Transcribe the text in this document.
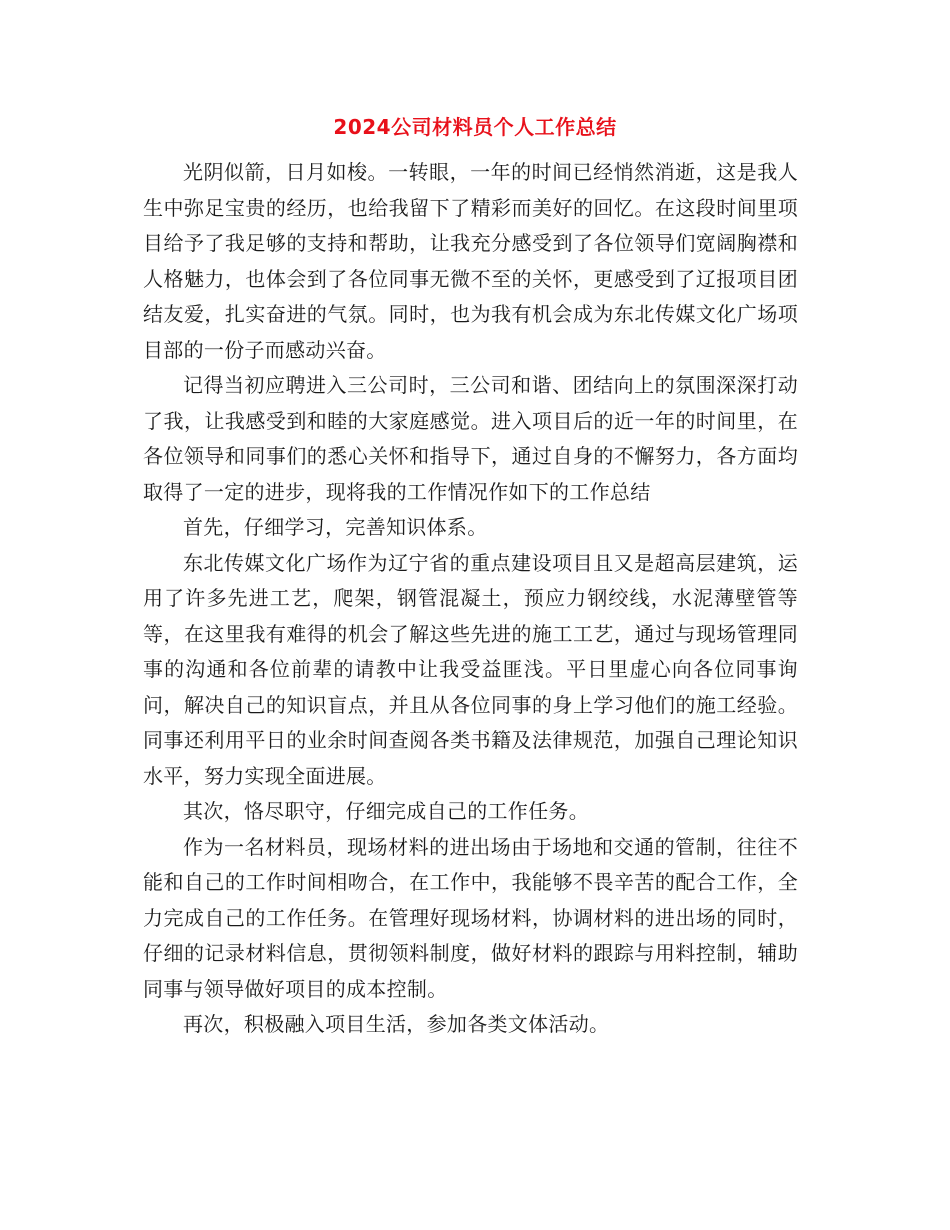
2024公司材料员个人工作总结

光阴似箭，日月如梭。一转眼，一年的时间已经悄然消逝，这是我人生中弥足宝贵的经历，也给我留下了精彩而美好的回忆。在这段时间里项目给予了我足够的支持和帮助，让我充分感受到了各位领导们宽阔胸襟和人格魅力，也体会到了各位同事无微不至的关怀，更感受到了辽报项目团结友爱，扎实奋进的气氛。同时，也为我有机会成为东北传媒文化广场项目部的一份子而感动兴奋。

记得当初应聘进入三公司时，三公司和谐、团结向上的氛围深深打动了我，让我感受到和睦的大家庭感觉。进入项目后的近一年的时间里，在各位领导和同事们的悉心关怀和指导下，通过自身的不懈努力，各方面均取得了一定的进步，现将我的工作情况作如下的工作总结

首先，仔细学习，完善知识体系。

东北传媒文化广场作为辽宁省的重点建设项目且又是超高层建筑，运用了许多先进工艺，爬架，钢管混凝土，预应力钢绞线，水泥薄壁管等等，在这里我有难得的机会了解这些先进的施工工艺，通过与现场管理同事的沟通和各位前辈的请教中让我受益匪浅。平日里虚心向各位同事询问，解决自己的知识盲点，并且从各位同事的身上学习他们的施工经验。同事还利用平日的业余时间查阅各类书籍及法律规范，加强自己理论知识水平，努力实现全面进展。

其次，恪尽职守，仔细完成自己的工作任务。

作为一名材料员，现场材料的进出场由于场地和交通的管制，往往不能和自己的工作时间相吻合，在工作中，我能够不畏辛苦的配合工作，全力完成自己的工作任务。在管理好现场材料，协调材料的进出场的同时，仔细的记录材料信息，贯彻领料制度，做好材料的跟踪与用料控制，辅助同事与领导做好项目的成本控制。

再次，积极融入项目生活，参加各类文体活动。
